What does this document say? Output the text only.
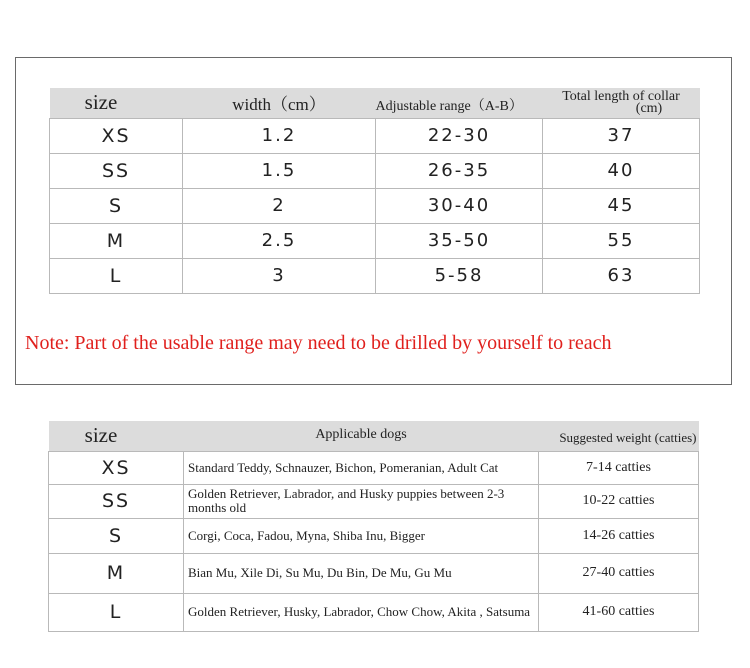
size	width（cm）	Adjustable range（A-B）	Total length of collar
(cm)
XS	1.2	22-30	37
SS	1.5	26-35	40
S	2	30-40	45
M	2.5	35-50	55
L	3	5-58	63
Note: Part of the usable range may need to be drilled by yourself to reach
size	Applicable dogs	Suggested weight (catties)
XS	Standard Teddy, Schnauzer, Bichon, Pomeranian, Adult Cat	7-14 catties
SS	Golden Retriever, Labrador, and Husky puppies between 2-3 months old	10-22 catties
S	Corgi, Coca, Fadou, Myna, Shiba Inu, Bigger	14-26 catties
M	Bian Mu, Xile Di, Su Mu, Du Bin, De Mu, Gu Mu	27-40 catties
L	Golden Retriever, Husky, Labrador, Chow Chow, Akita , Satsuma	41-60 catties
